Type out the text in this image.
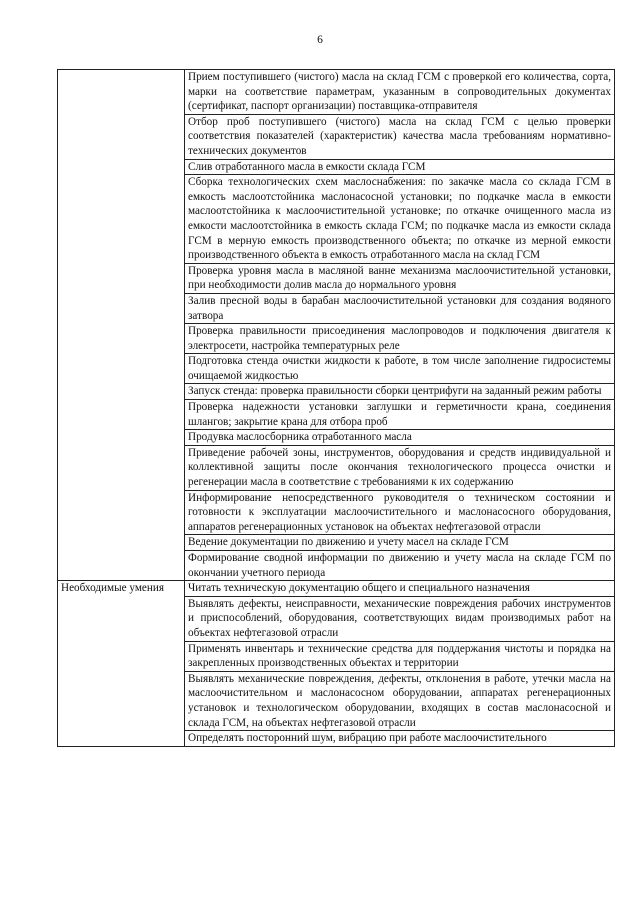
6
	Прием поступившего (чистого) масла на склад ГСМ с проверкой его количества, сорта, марки на соответствие параметрам, указанным в сопроводительных документах (сертификат, паспорт организации) поставщика-отправителя
	Отбор проб поступившего (чистого) масла на склад ГСМ с целью проверки соответствия показателей (характеристик) качества масла требованиям нормативно-технических документов
	Слив отработанного масла в емкости склада ГСМ
	Сборка технологических схем маслоснабжения: по закачке масла со склада ГСМ в емкость маслоотстойника маслонасосной установки; по подкачке масла в емкости маслоотстойника к маслоочистительной установке; по откачке очищенного масла из емкости маслоотстойника в емкость склада ГСМ; по подкачке масла из емкости склада ГСМ в мерную емкость производственного объекта; по откачке из мерной емкости производственного объекта в емкость отработанного масла на склад ГСМ
	Проверка уровня масла в масляной ванне механизма маслоочистительной установки, при необходимости долив масла до нормального уровня
	Залив пресной воды в барабан маслоочистительной установки для создания водяного затвора
	Проверка правильности присоединения маслопроводов и подключения двигателя к электросети, настройка температурных реле
	Подготовка стенда очистки жидкости к работе, в том числе заполнение гидросистемы очищаемой жидкостью
	Запуск стенда: проверка правильности сборки центрифуги на заданный режим работы
	Проверка надежности установки заглушки и герметичности крана, соединения шлангов; закрытие крана для отбора проб
	Продувка маслосборника отработанного масла
	Приведение рабочей зоны, инструментов, оборудования и средств индивидуальной и коллективной защиты после окончания технологического процесса очистки и регенерации масла в соответствие с требованиями к их содержанию
	Информирование непосредственного руководителя о техническом состоянии и готовности к эксплуатации маслоочистительного и маслонасосного оборудования, аппаратов регенерационных установок на объектах нефтегазовой отрасли
	Ведение документации по движению и учету масел на складе ГСМ
	Формирование сводной информации по движению и учету масла на складе ГСМ по окончании учетного периода
Необходимые умения	Читать техническую документацию общего и специального назначения
	Выявлять дефекты, неисправности, механические повреждения рабочих инструментов и приспособлений, оборудования, соответствующих видам производимых работ на объектах нефтегазовой отрасли
	Применять инвентарь и технические средства для поддержания чистоты и порядка на закрепленных производственных объектах и территории
	Выявлять механические повреждения, дефекты, отклонения в работе, утечки масла на маслоочистительном и маслонасосном оборудовании, аппаратах регенерационных установок и технологическом оборудовании, входящих в состав маслонасосной и склада ГСМ, на объектах нефтегазовой отрасли
	Определять посторонний шум, вибрацию при работе маслоочистительного
